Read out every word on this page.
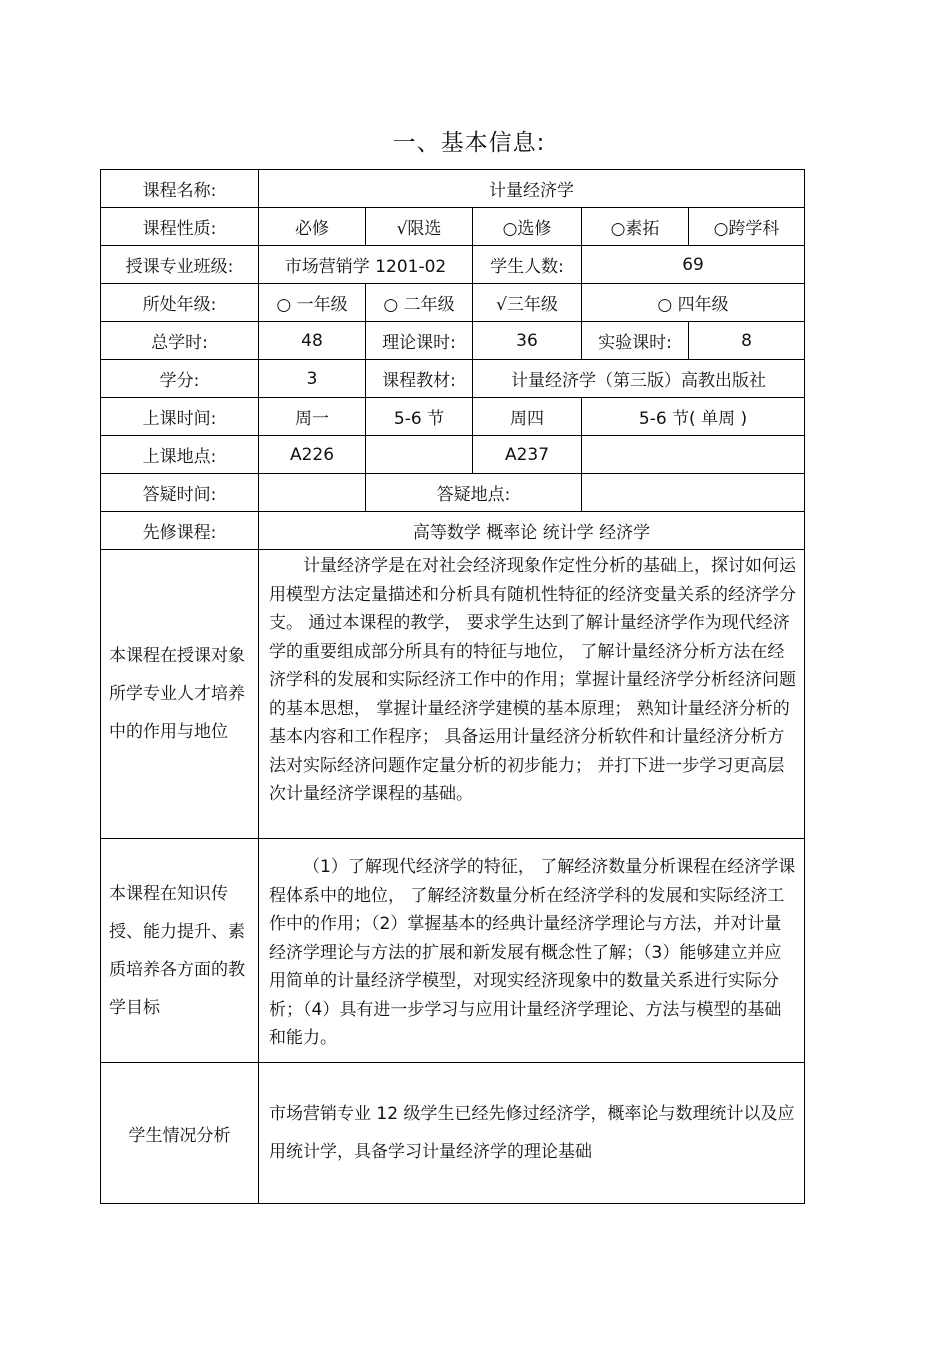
一、基本信息:
课程名称:	计量经济学				
课程性质:	必修	√限选	○选修	○素拓	○跨学科
授课专业班级:	市场营销学 1201-02		学生人数:	69	
所处年级:	○ 一年级	○ 二年级	√三年级	○ 四年级	
总学时:	48	理论课时:	36	实验课时:	8
学分:	3	课程教材:	计量经济学（第三版）高教出版社		
上课时间:	周一	5-6 节	周四	5-6 节( 单周 )	
上课地点:	A226		A237		
答疑时间:		答疑地点:			
先修课程:	高等数学 概率论 统计学 经济学				
本课程在授课对象所学专业人才培养中的作用与地位	计量经济学是在对社会经济现象作定性分析的基础上，探讨如何运用模型方法定量描述和分析具有随机性特征的经济变量关系的经济学分支。 通过本课程的教学， 要求学生达到了解计量经济学作为现代经济学的重要组成部分所具有的特征与地位， 了解计量经济分析方法在经济学科的发展和实际经济工作中的作用；掌握计量经济学分析经济问题的基本思想， 掌握计量经济学建模的基本原理； 熟知计量经济分析的基本内容和工作程序； 具备运用计量经济分析软件和计量经济分析方法对实际经济问题作定量分析的初步能力； 并打下进一步学习更高层次计量经济学课程的基础。				

本课程在知识传授、能力提升、素质培养各方面的教学目标	（1）了解现代经济学的特征， 了解经济数量分析课程在经济学课程体系中的地位， 了解经济数量分析在经济学科的发展和实际经济工作中的作用；（2）掌握基本的经典计量经济学理论与方法，并对计量经济学理论与方法的扩展和新发展有概念性了解；（3）能够建立并应用简单的计量经济学模型，对现实经济现象中的数量关系进行实际分析；（4）具有进一步学习与应用计量经济学理论、方法与模型的基础和能力。				

学生情况分析	市场营销专业 12 级学生已经先修过经济学，概率论与数理统计以及应用统计学，具备学习计量经济学的理论基础				
